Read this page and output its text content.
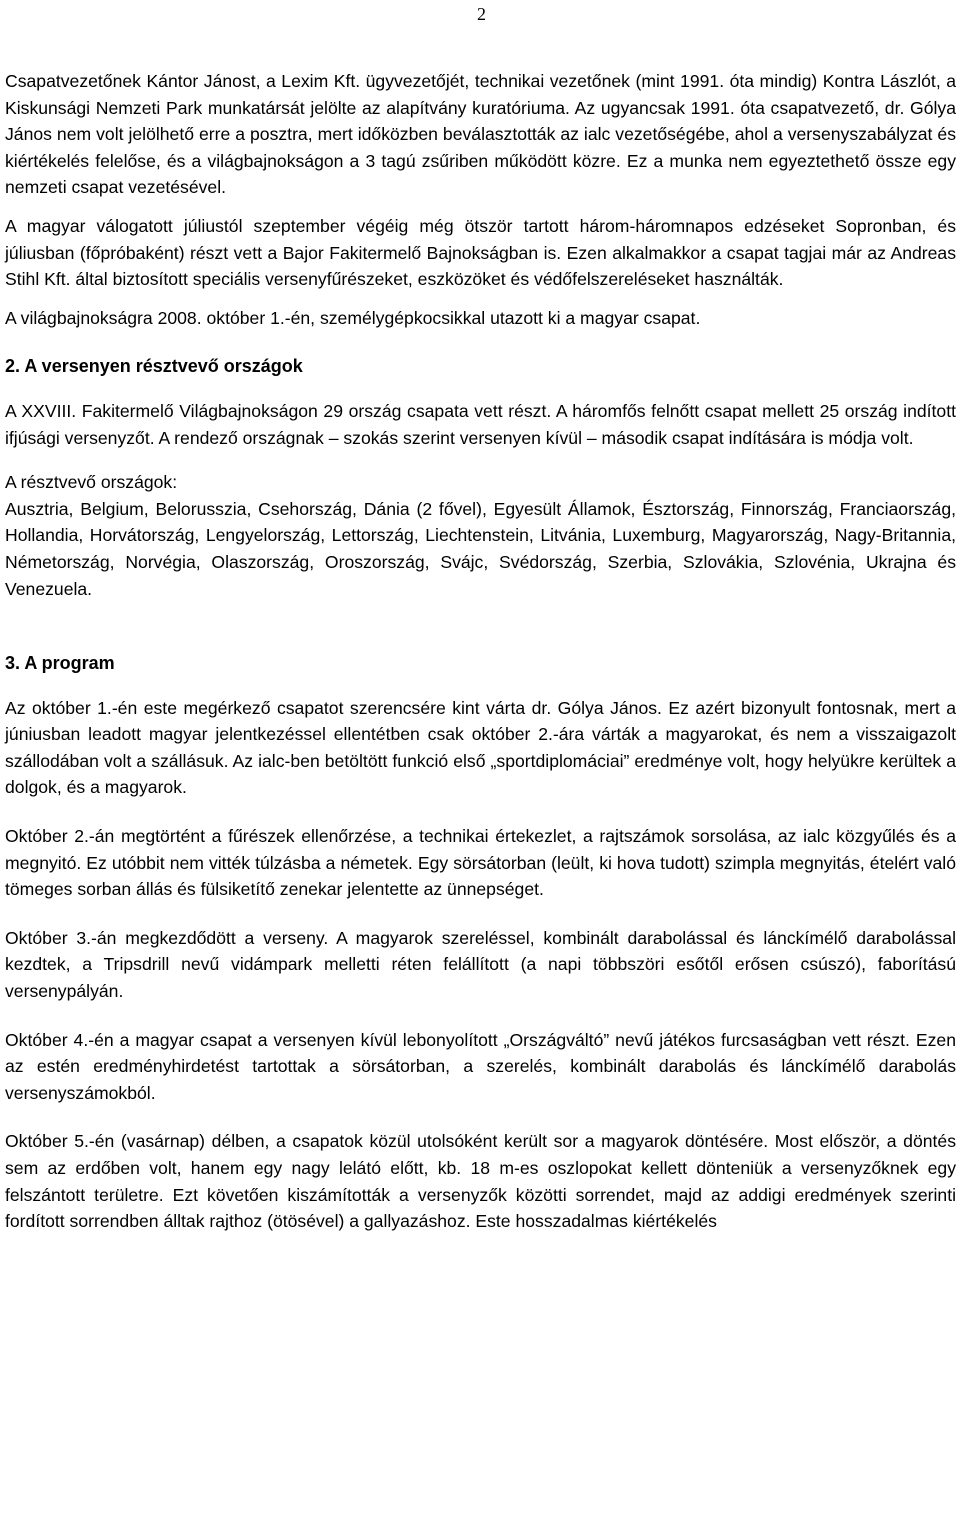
2

Csapatvezetőnek Kántor Jánost, a Lexim Kft. ügyvezetőjét, technikai vezetőnek (mint 1991. óta mindig) Kontra Lászlót, a Kiskunsági Nemzeti Park munkatársát jelölte az alapítvány kuratóriuma. Az ugyancsak 1991. óta csapatvezető, dr. Gólya János nem volt jelölhető erre a posztra, mert időközben beválasztották az ialc vezetőségébe, ahol a versenyszabályzat és kiértékelés felelőse, és a világbajnokságon a 3 tagú zsűriben működött közre. Ez a munka nem egyeztethető össze egy nemzeti csapat vezetésével.

A magyar válogatott júliustól szeptember végéig még ötször tartott három-háromnapos edzéseket Sopronban, és júliusban (főpróbaként) részt vett a Bajor Fakitermelő Bajnokságban is. Ezen alkalmakkor a csapat tagjai már az Andreas Stihl Kft. által biztosított speciális versenyfűrészeket, eszközöket és védőfelszereléseket használták.

A világbajnokságra 2008. október 1.-én, személygépkocsikkal utazott ki a magyar csapat.

2. A versenyen résztvevő országok

A XXVIII. Fakitermelő Világbajnokságon 29 ország csapata vett részt. A háromfős felnőtt csapat mellett 25 ország indított ifjúsági versenyzőt. A rendező országnak – szokás szerint versenyen kívül – második csapat indítására is módja volt.

A résztvevő országok:

Ausztria, Belgium, Belorusszia, Csehország, Dánia (2 fővel), Egyesült Államok, Észtország, Finnország, Franciaország, Hollandia, Horvátország, Lengyelország, Lettország, Liechtenstein, Litvánia, Luxemburg, Magyarország, Nagy-Britannia, Németország, Norvégia, Olaszország, Oroszország, Svájc, Svédország, Szerbia, Szlovákia, Szlovénia, Ukrajna és Venezuela.

3. A program

Az október 1.-én este megérkező csapatot szerencsére kint várta dr. Gólya János. Ez azért bizonyult fontosnak, mert a júniusban leadott magyar jelentkezéssel ellentétben csak október 2.-ára várták a magyarokat, és nem a visszaigazolt szállodában volt a szállásuk. Az ialc-ben betöltött funkció első „sportdiplomáciai” eredménye volt, hogy helyükre kerültek a dolgok, és a magyarok.

Október 2.-án megtörtént a fűrészek ellenőrzése, a technikai értekezlet, a rajtszámok sorsolása, az ialc közgyűlés és a megnyitó. Ez utóbbit nem vitték túlzásba a németek. Egy sörsátorban (leült, ki hova tudott) szimpla megnyitás, ételért való tömeges sorban állás és fülsiketítő zenekar jelentette az ünnepséget.

Október 3.-án megkezdődött a verseny. A magyarok szereléssel, kombinált darabolással és lánckímélő darabolással kezdtek, a Tripsdrill nevű vidámpark melletti réten felállított (a napi többszöri esőtől erősen csúszó), faborítású versenypályán.

Október 4.-én a magyar csapat a versenyen kívül lebonyolított „Országváltó” nevű játékos furcsaságban vett részt. Ezen az estén eredményhirdetést tartottak a sörsátorban, a szerelés, kombinált darabolás és lánckímélő darabolás versenyszámokból.

Október 5.-én (vasárnap) délben, a csapatok közül utolsóként került sor a magyarok döntésére. Most először, a döntés sem az erdőben volt, hanem egy nagy lelátó előtt, kb. 18 m-es oszlopokat kellett dönteniük a versenyzőknek egy felszántott területre. Ezt követően kiszámították a versenyzők közötti sorrendet, majd az addigi eredmények szerinti fordított sorrendben álltak rajthoz (ötösével) a gallyazáshoz. Este hosszadalmas kiértékelés
